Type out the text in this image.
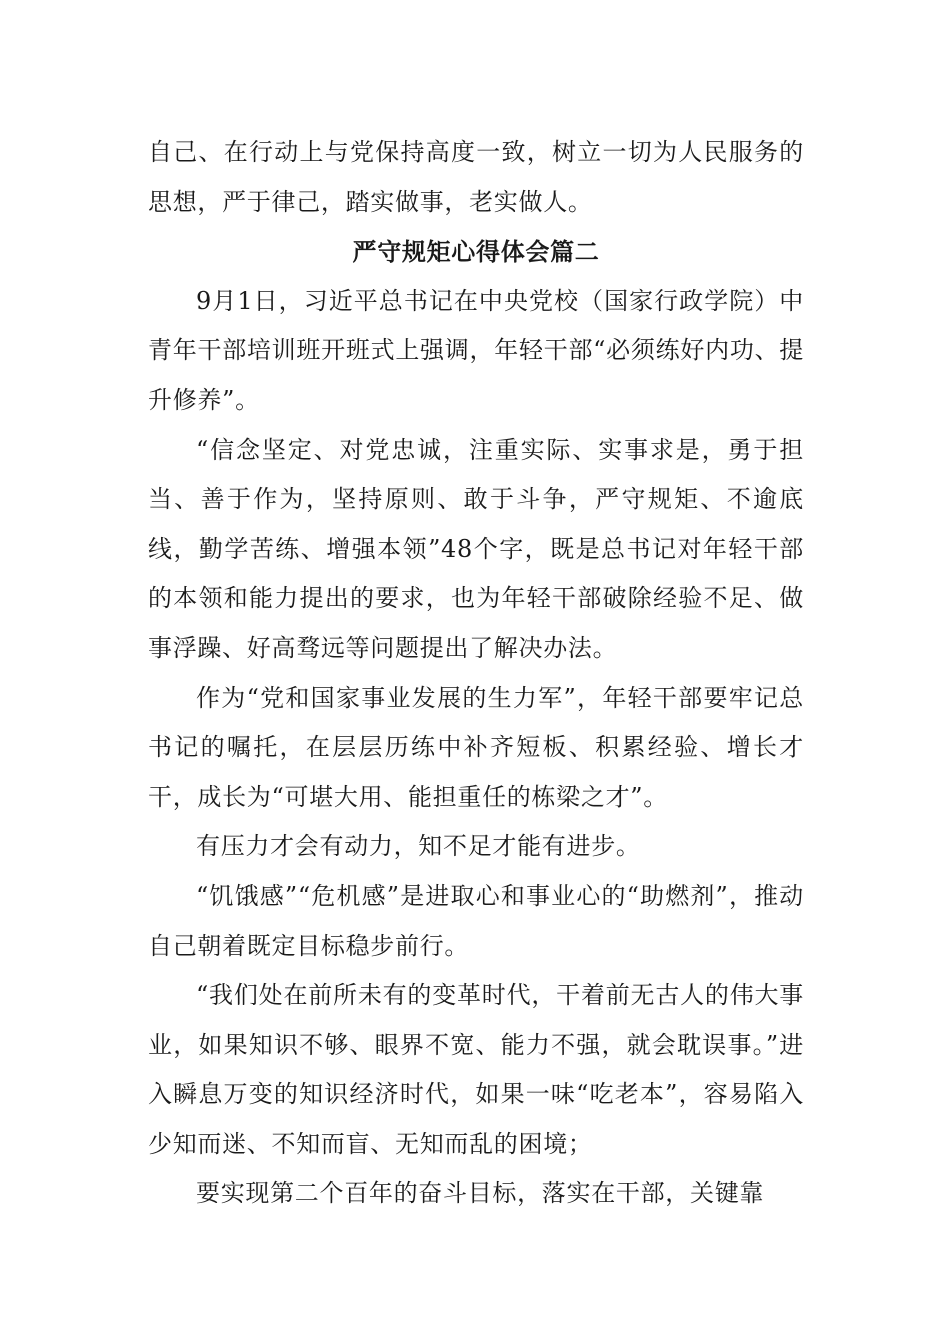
自己、在行动上与党保持高度一致，树立一切为人民服务的思想，严于律己，踏实做事，老实做人。

严守规矩心得体会篇二

9月1日，习近平总书记在中央党校（国家行政学院）中青年干部培训班开班式上强调，年轻干部“必须练好内功、提升修养”。

“信念坚定、对党忠诚，注重实际、实事求是，勇于担当、善于作为，坚持原则、敢于斗争，严守规矩、不逾底线，勤学苦练、增强本领”48个字，既是总书记对年轻干部的本领和能力提出的要求，也为年轻干部破除经验不足、做事浮躁、好高骛远等问题提出了解决办法。

作为“党和国家事业发展的生力军”，年轻干部要牢记总书记的嘱托，在层层历练中补齐短板、积累经验、增长才干，成长为“可堪大用、能担重任的栋梁之才”。

有压力才会有动力，知不足才能有进步。

“饥饿感”“危机感”是进取心和事业心的“助燃剂”，推动自己朝着既定目标稳步前行。

“我们处在前所未有的变革时代，干着前无古人的伟大事业，如果知识不够、眼界不宽、能力不强，就会耽误事。”进入瞬息万变的知识经济时代，如果一味“吃老本”，容易陷入少知而迷、不知而盲、无知而乱的困境；

要实现第二个百年的奋斗目标，落实在干部，关键靠
